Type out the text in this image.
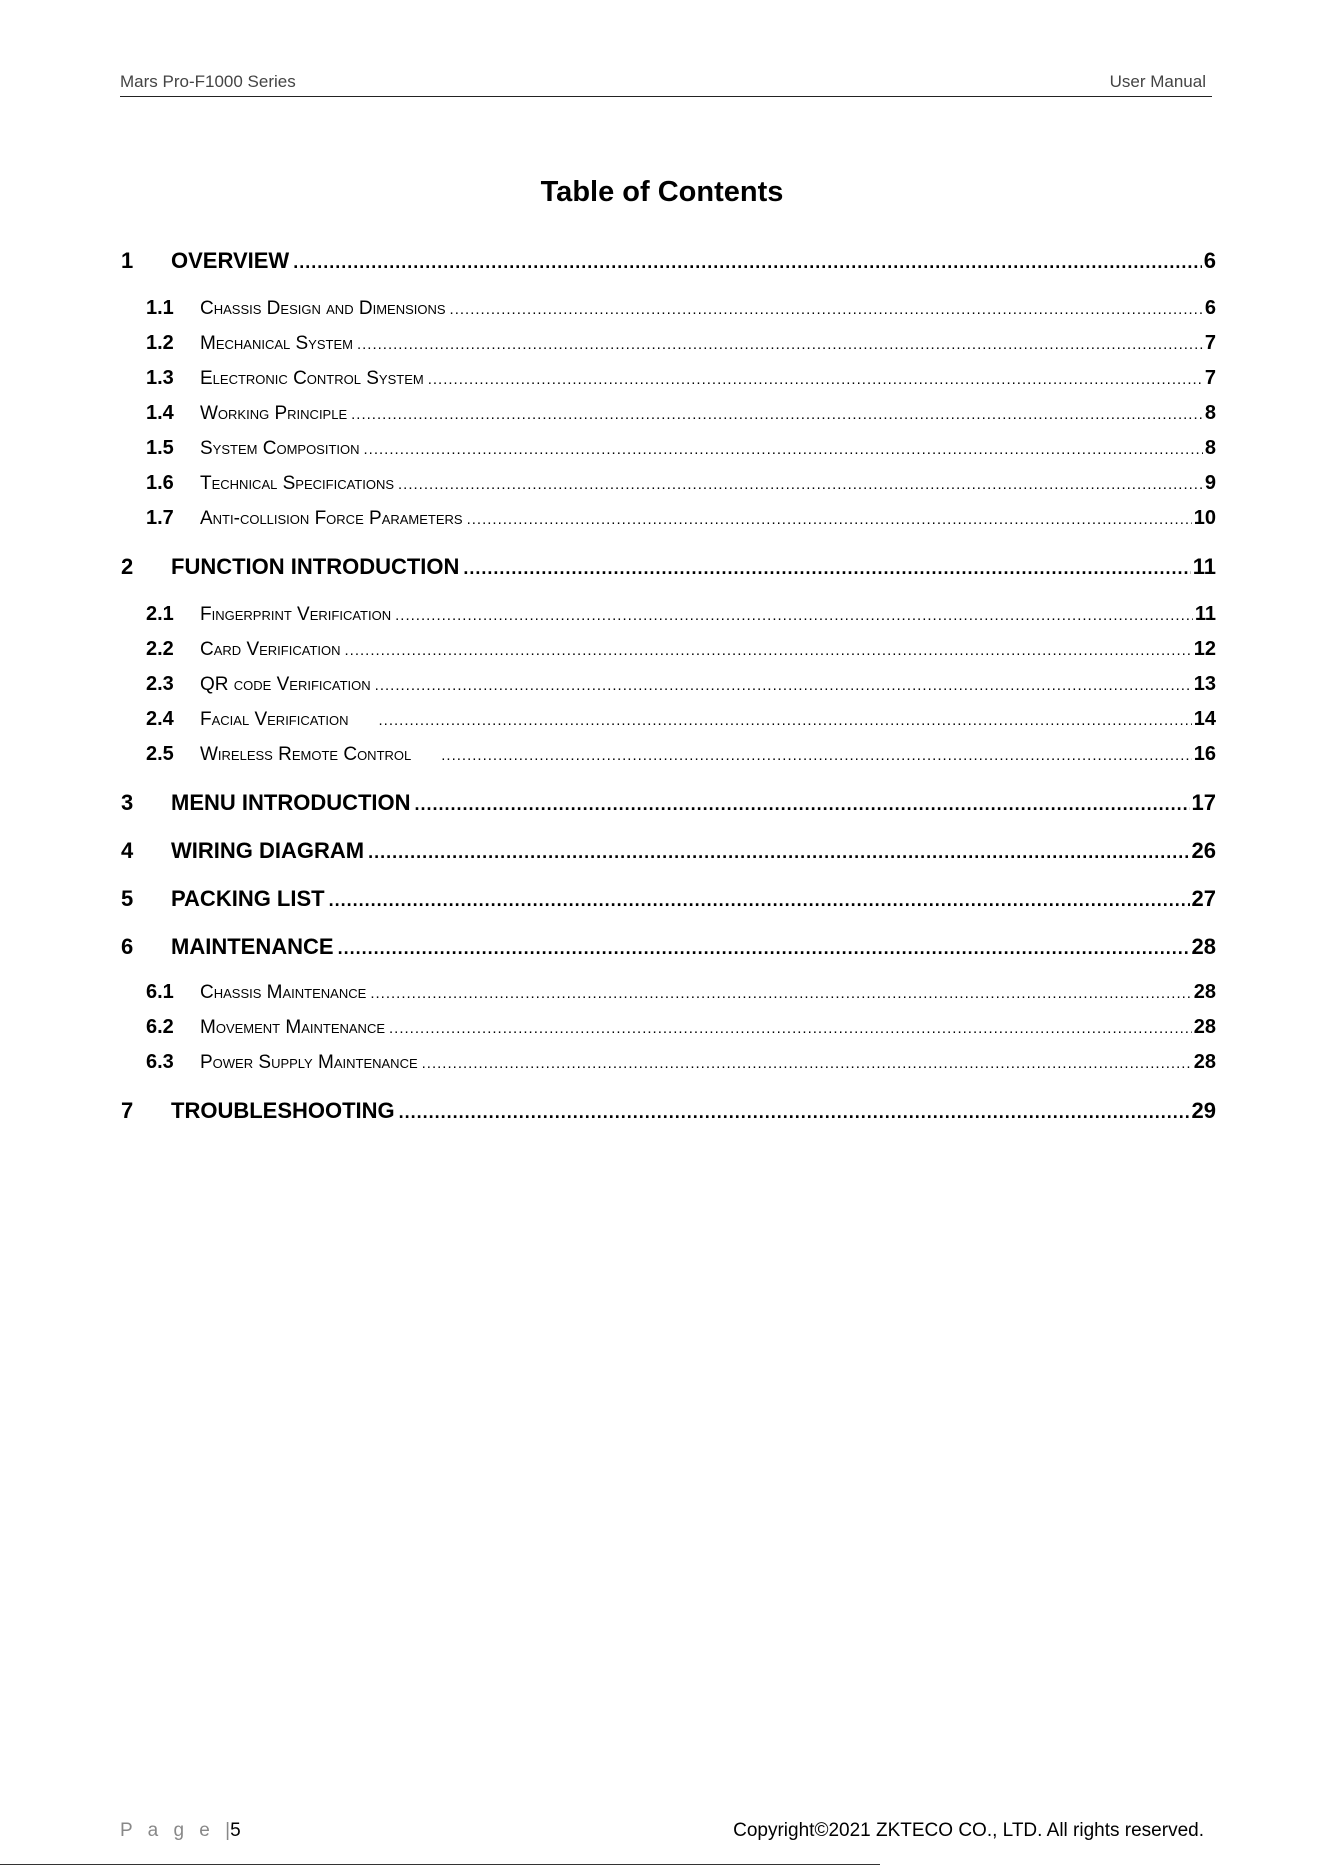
Mars Pro-F1000 Series	User Manual
Table of Contents
1	OVERVIEW .....	6
1.1	Chassis Design and Dimensions .....	6
1.2	Mechanical System .....	7
1.3	Electronic Control System .....	7
1.4	Working Principle .....	8
1.5	System Composition .....	8
1.6	Technical Specifications .....	9
1.7	Anti-collision Force Parameters .....	10
2	FUNCTION INTRODUCTION .....	11
2.1	Fingerprint Verification .....	11
2.2	Card Verification .....	12
2.3	QR code Verification .....	13
2.4	Facial Verification .....	14
2.5	Wireless Remote Control .....	16
3	MENU INTRODUCTION .....	17
4	WIRING DIAGRAM .....	26
5	PACKING LIST .....	27
6	MAINTENANCE .....	28
6.1	Chassis Maintenance .....	28
6.2	Movement Maintenance .....	28
6.3	Power Supply Maintenance .....	28
7	TROUBLESHOOTING .....	29
P a g e |5	Copyright©2021 ZKTECO CO., LTD. All rights reserved.
